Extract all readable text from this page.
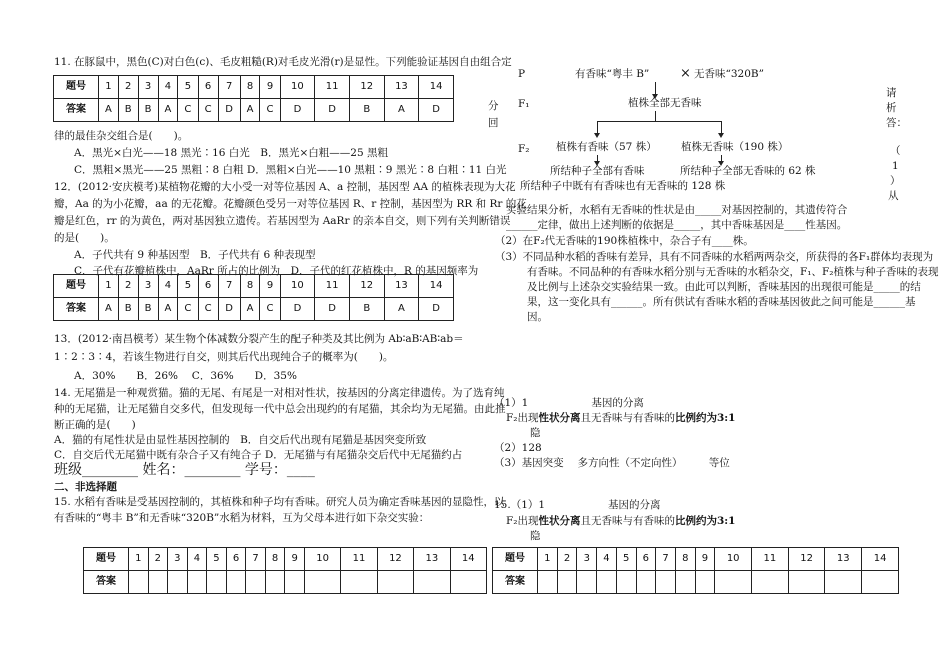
题号	1	2	3	4	5	6	7	8	9	10	11	12	13	14
答案	A	B	B	A	C	C	D	A	C	D	D	B	A	D
11. 在豚鼠中，黑色(C)对白色(c)、毛皮粗糙(R)对毛皮光滑(r)是显性。下列能验证基因自由组合定
律的最佳杂交组合是(　　)。
A．黑光×白光——18 黑光∶16 白光　B．黑光×白粗——25 黑粗
C．黑粗×黑光——25 黑粗∶8 白粗 D．黑粗×白光——10 黑粗∶9 黑光∶8 白粗∶11 白光
12．(2012·安庆模考)某植物花瓣的大小受一对等位基因 A、a 控制，基因型 AA 的植株表现为大花
瓣，Aa 的为小花瓣，aa 的无花瓣。花瓣颜色受另一对等位基因 R、r 控制，基因型为 RR 和 Rr 的花
瓣是红色，rr 的为黄色，两对基因独立遗传。若基因型为 AaRr 的亲本自交，则下列有关判断错误
的是(　　)。
A．子代共有 9 种基因型　B．子代共有 6 种表现型
C．子代有花瓣植株中，AaRr 所占的比例为　D．子代的红花植株中，R 的基因频率为
题号	1	2	3	4	5	6	7	8	9	10	11	12	13	14
答案	A	B	B	A	C	C	D	A	C	D	D	B	A	D
13．(2012·南昌模考）某生物个体减数分裂产生的配子种类及其比例为 Ab∶aB∶AB∶ab＝
1∶2∶3∶4，若该生物进行自交，则其后代出现纯合子的概率为(　　)。
A．30%　　B．26%　 C．36%　　D．35%
14. 无尾猫是一种观赏猫。猫的无尾、有尾是一对相对性状，按基因的分离定律遗传。为了选育纯
种的无尾猫，让无尾猫自交多代，但发现每一代中总会出现约的有尾猫，其余均为无尾猫。由此推
断正确的是(　　)
A．猫的有尾性状是由显性基因控制的　B．自交后代出现有尾猫是基因突变所致
C．自交后代无尾猫中既有杂合子又有纯合子 D．无尾猫与有尾猫杂交后代中无尾猫约占
班级________ 姓名：________ 学号：____
二、非选择题
15. 水稻有香味是受基因控制的，其植株和种子均有香味。研究人员为确定香味基因的显隐性，以
有香味的“粤丰 B”和无香味“320B”水稻为材料，互为父母本进行如下杂交实验：
P	有香味“粤丰 B” × 无香味“320B”
F₁	植株全部无香味
F₂	植株有香味（57 株） 植株无香味（190 株）
所结种子全部有香味	所结种子全部无香味的 62 株
所结种子中既有有香味也有无香味的 128 株
分
回
请
析
答：
（
1
）
从
实验结果分析，水稻有无香味的性状是由_____对基因控制的，其遗传符合
______定律，做出上述判断的依据是_____，其中香味基因是____性基因。
（2）在F₂代无香味的190株植株中，杂合子有____株。
（3）不同品种水稻的香味有差异，具有不同香味的水稻两两杂交，所获得的各F₁群体均表现为
有香味。不同品种的有香味水稻分别与无香味的水稻杂交，F₁、F₂植株与种子香味的表现
及比例与上述杂交实验结果一致。由此可以判断，香味基因的出现很可能是_____的结
果，这一变化具有______。所有供试有香味水稻的香味基因彼此之间可能是______基
因。
（1）1　　　　　　基因的分离
F₂出现性状分离且无香味与有香味的比例约为3:1
隐
（2）128
（3）基因突变　 多方向性（不定向性）　　　等位
15.（1）1　　　　　　基因的分离
F₂出现性状分离且无香味与有香味的比例约为3:1
隐
题号	1	2	3	4	5	6	7	8	9	10	11	12	13	14
答案														
题号	1	2	3	4	5	6	7	8	9	10	11	12	13	14
答案														
